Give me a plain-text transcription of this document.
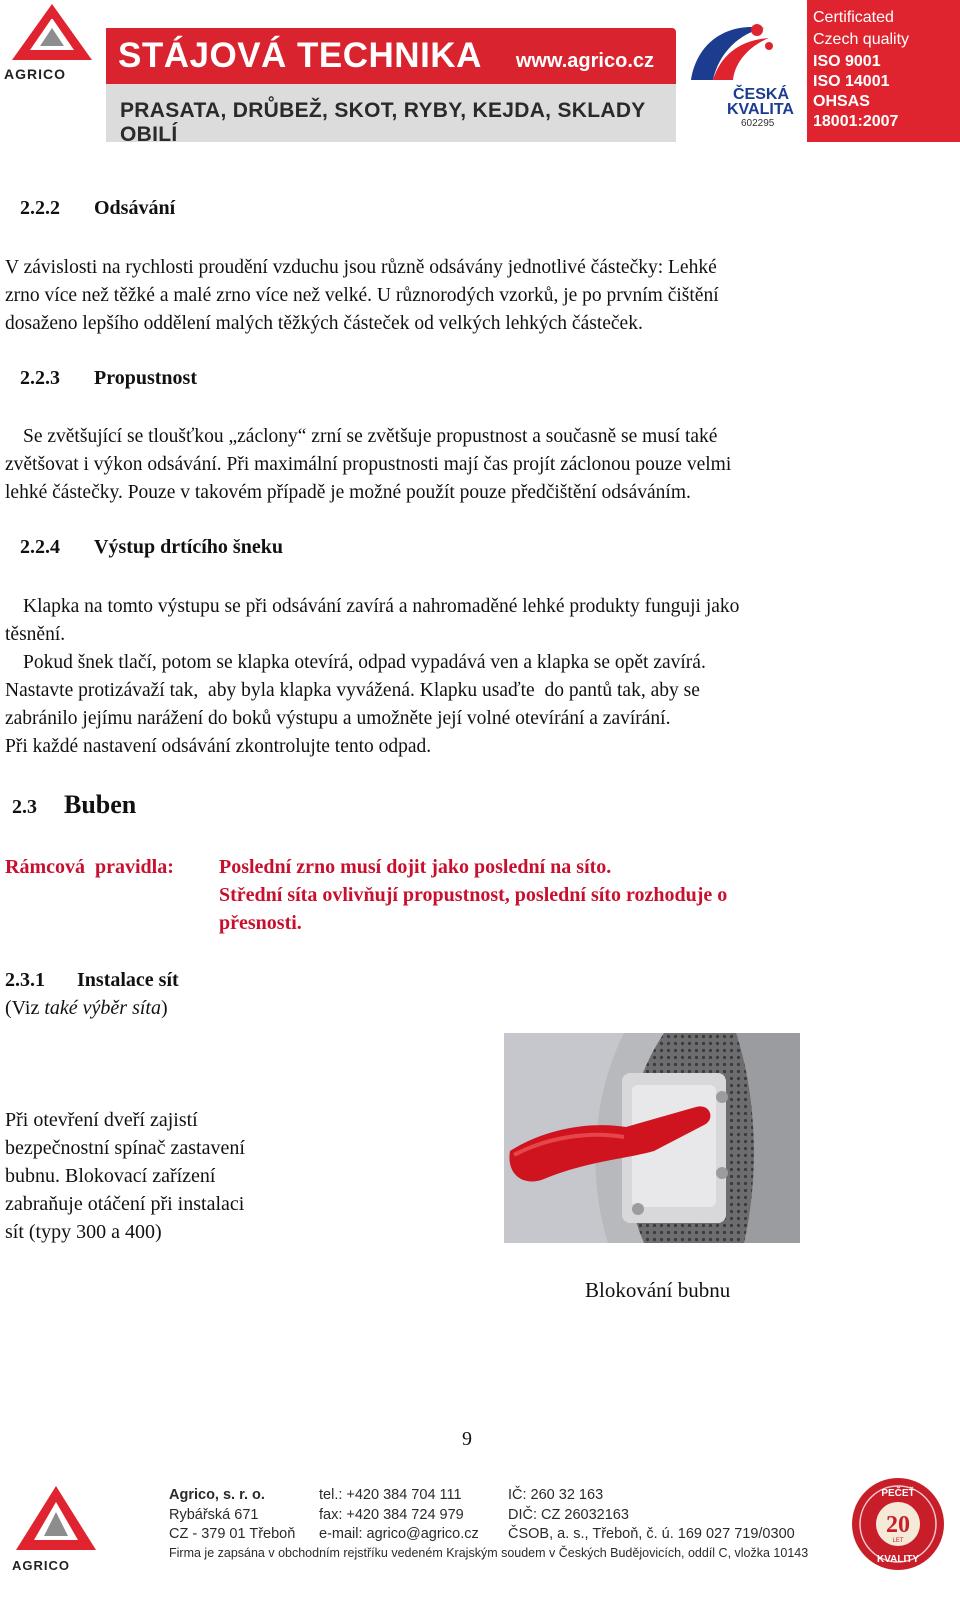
AGRICO STÁJOVÁ TECHNIKA www.agrico.cz
PRASATA, DRŮBEŽ, SKOT, RYBY, KEJDA, SKLADY OBILÍ
ČESKÁ
KVALITA
602295
Certificated
Czech quality
ISO 9001
ISO 14001
OHSAS
18001:2007
2.2.2 Odsávání
V závislosti na rychlosti proudění vzduchu jsou různě odsávány jednotlivé částečky: Lehké
zrno více než těžké a malé zrno více než velké. U různorodých vzorků, je po prvním čištění
dosaženo lepšího oddělení malých těžkých částeček od velkých lehkých částeček.
2.2.3 Propustnost
Se zvětšující se tloušťkou „záclony“ zrní se zvětšuje propustnost a současně se musí také
zvětšovat i výkon odsávání. Při maximální propustnosti mají čas projít záclonou pouze velmi
lehké částečky. Pouze v takovém případě je možné použít pouze předčištění odsáváním.
2.2.4 Výstup drtícího šneku
Klapka na tomto výstupu se při odsávání zavírá a nahromaděné lehké produkty funguji jako
těsnění.
Pokud šnek tlačí, potom se klapka otevírá, odpad vypadává ven a klapka se opět zavírá.
Nastavte protizávaží tak,  aby byla klapka vyvážená. Klapku usaďte  do pantů tak, aby se
zabránilo jejímu narážení do boků výstupu a umožněte její volné otevírání a zavírání.
Při každé nastavení odsávání zkontrolujte tento odpad.
2.3 Buben
Rámcová  pravidla: Poslední zrno musí dojit jako poslední na síto.
Střední síta ovlivňují propustnost, poslední síto rozhoduje o
přesnosti.
2.3.1 Instalace sít
(Viz také výběr síta)
Při otevření dveří zajistí
bezpečnostní spínač zastavení
bubnu. Blokovací zařízení
zabraňuje otáčení při instalaci
sít (typy 300 a 400)
Blokování bubnu
9
AGRICO
Agrico, s. r. o.
Rybářská 671
CZ - 379 01 Třeboň
tel.: +420 384 704 111
fax: +420 384 724 979
e-mail: agrico@agrico.cz
IČ: 260 32 163
DIČ: CZ 26032163
ČSOB, a. s., Třeboň, č. ú. 169 027 719/0300
Firma je zapsána v obchodním rejstříku vedeném Krajským soudem v Českých Budějovicích, oddíl C, vložka 10143
PEČEŤ
20
LET
KVALITY
